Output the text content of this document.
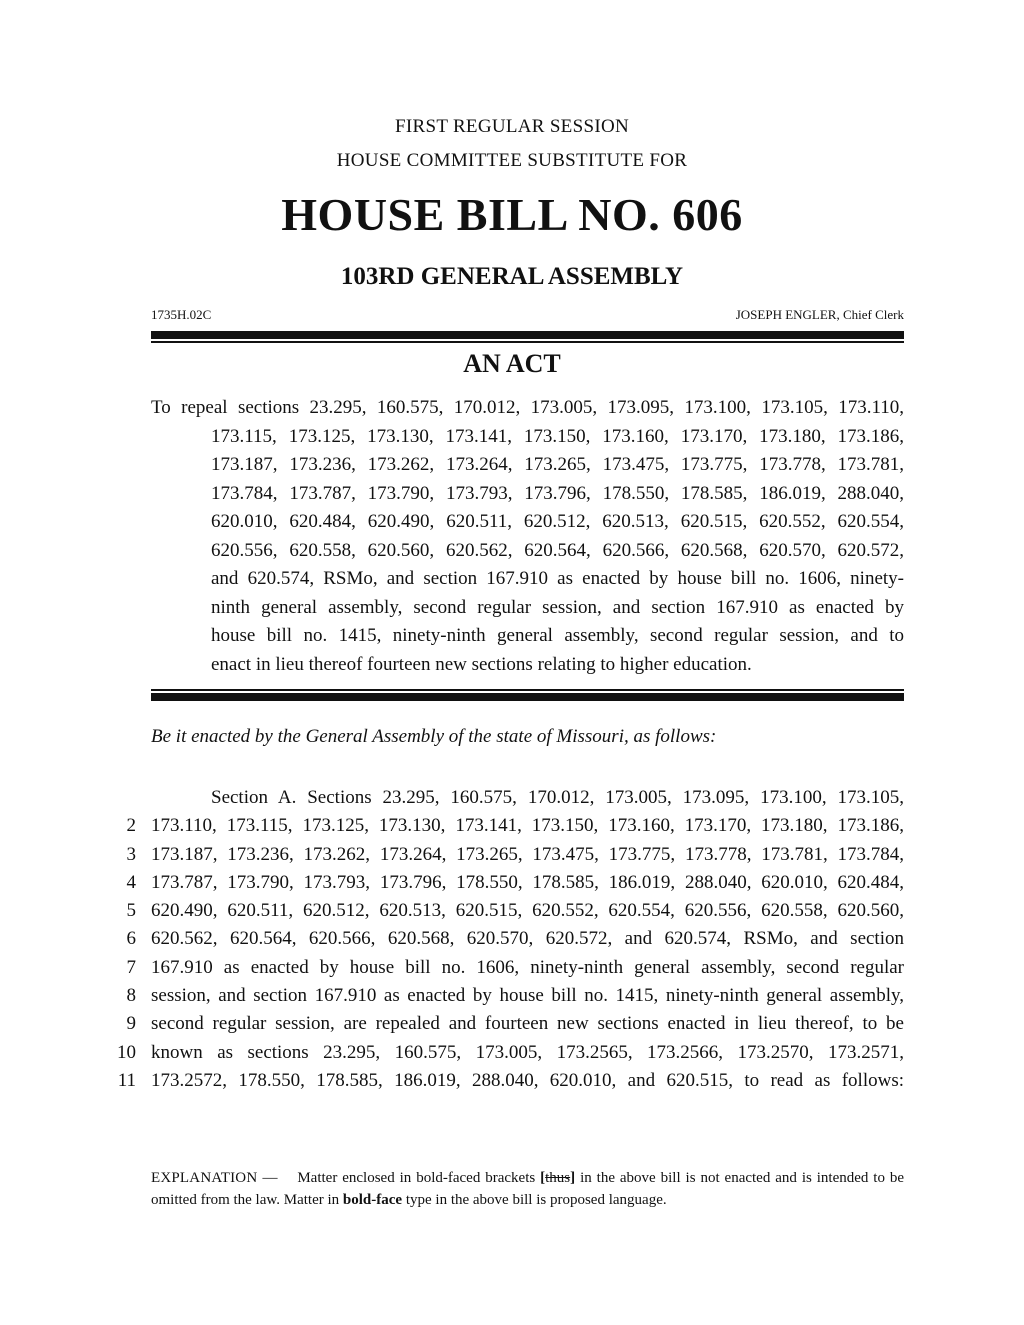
FIRST REGULAR SESSION
HOUSE COMMITTEE SUBSTITUTE FOR
HOUSE BILL NO. 606
103RD GENERAL ASSEMBLY
1735H.02C	JOSEPH ENGLER, Chief Clerk
AN ACT
To repeal sections 23.295, 160.575, 170.012, 173.005, 173.095, 173.100, 173.105, 173.110,
173.115, 173.125, 173.130, 173.141, 173.150, 173.160, 173.170, 173.180, 173.186,
173.187, 173.236, 173.262, 173.264, 173.265, 173.475, 173.775, 173.778, 173.781,
173.784, 173.787, 173.790, 173.793, 173.796, 178.550, 178.585, 186.019, 288.040,
620.010, 620.484, 620.490, 620.511, 620.512, 620.513, 620.515, 620.552, 620.554,
620.556, 620.558, 620.560, 620.562, 620.564, 620.566, 620.568, 620.570, 620.572,
and 620.574, RSMo, and section 167.910 as enacted by house bill no. 1606, ninety-
ninth general assembly, second regular session, and section 167.910 as enacted by
house bill no. 1415, ninety-ninth general assembly, second regular session, and to
enact in lieu thereof fourteen new sections relating to higher education.
Be it enacted by the General Assembly of the state of Missouri, as follows:
Section A. Sections 23.295, 160.575, 170.012, 173.005, 173.095, 173.100, 173.105,
2 173.110, 173.115, 173.125, 173.130, 173.141, 173.150, 173.160, 173.170, 173.180, 173.186,
3 173.187, 173.236, 173.262, 173.264, 173.265, 173.475, 173.775, 173.778, 173.781, 173.784,
4 173.787, 173.790, 173.793, 173.796, 178.550, 178.585, 186.019, 288.040, 620.010, 620.484,
5 620.490, 620.511, 620.512, 620.513, 620.515, 620.552, 620.554, 620.556, 620.558, 620.560,
6 620.562, 620.564, 620.566, 620.568, 620.570, 620.572, and 620.574, RSMo, and section
7 167.910 as enacted by house bill no. 1606, ninety-ninth general assembly, second regular
8 session, and section 167.910 as enacted by house bill no. 1415, ninety-ninth general assembly,
9 second regular session, are repealed and fourteen new sections enacted in lieu thereof, to be
10 known as sections 23.295, 160.575, 173.005, 173.2565, 173.2566, 173.2570, 173.2571,
11 173.2572, 178.550, 178.585, 186.019, 288.040, 620.010, and 620.515, to read as follows:
EXPLANATION — Matter enclosed in bold-faced brackets [thus] in the above bill is not enacted and is intended to be omitted from the law. Matter in bold-face type in the above bill is proposed language.
